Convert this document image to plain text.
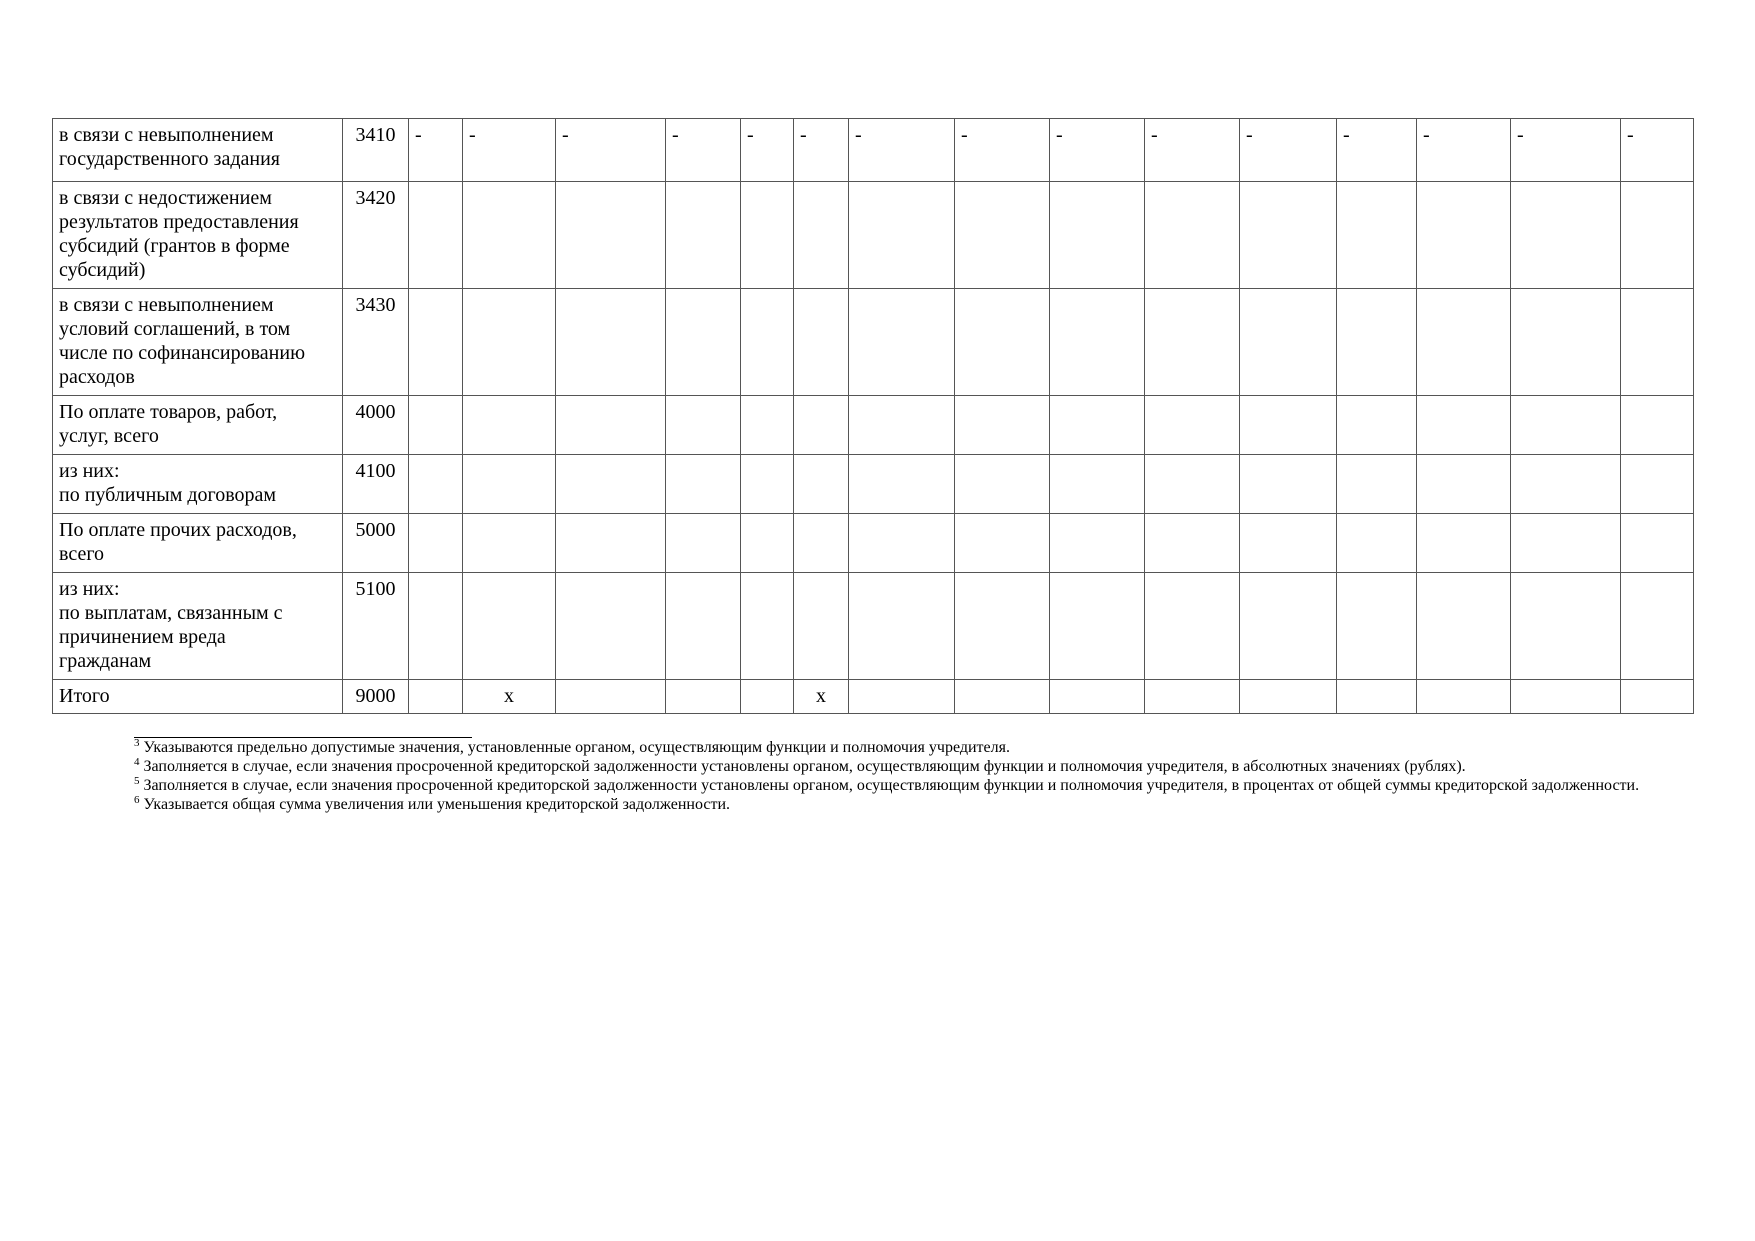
в связи с невыполнением
государственного задания	3410	-	-	-	-	-	-	-	-	-	-	-	-	-	-	-
в связи с недостижением
результатов предоставления
субсидий (грантов в форме
субсидий)	3420															
в связи с невыполнением
условий соглашений, в том
числе по софинансированию
расходов	3430															
По оплате товаров, работ,
услуг, всего	4000															
из них:
по публичным договорам	4100															
По оплате прочих расходов,
всего	5000															
из них:
по выплатам, связанным с
причинением вреда
гражданам	5100															
Итого	9000		x				x									

$^3$ Указываются предельно допустимые значения, установленные органом, осуществляющим функции и полномочия учредителя.

$^4$ Заполняется в случае, если значения просроченной кредиторской задолженности установлены органом, осуществляющим функции и полномочия учредителя, в абсолютных значениях (рублях).

$^5$ Заполняется в случае, если значения просроченной кредиторской задолженности установлены органом, осуществляющим функции и полномочия учредителя, в процентах от общей суммы кредиторской задолженности.

$^6$ Указывается общая сумма увеличения или уменьшения кредиторской задолженности.
